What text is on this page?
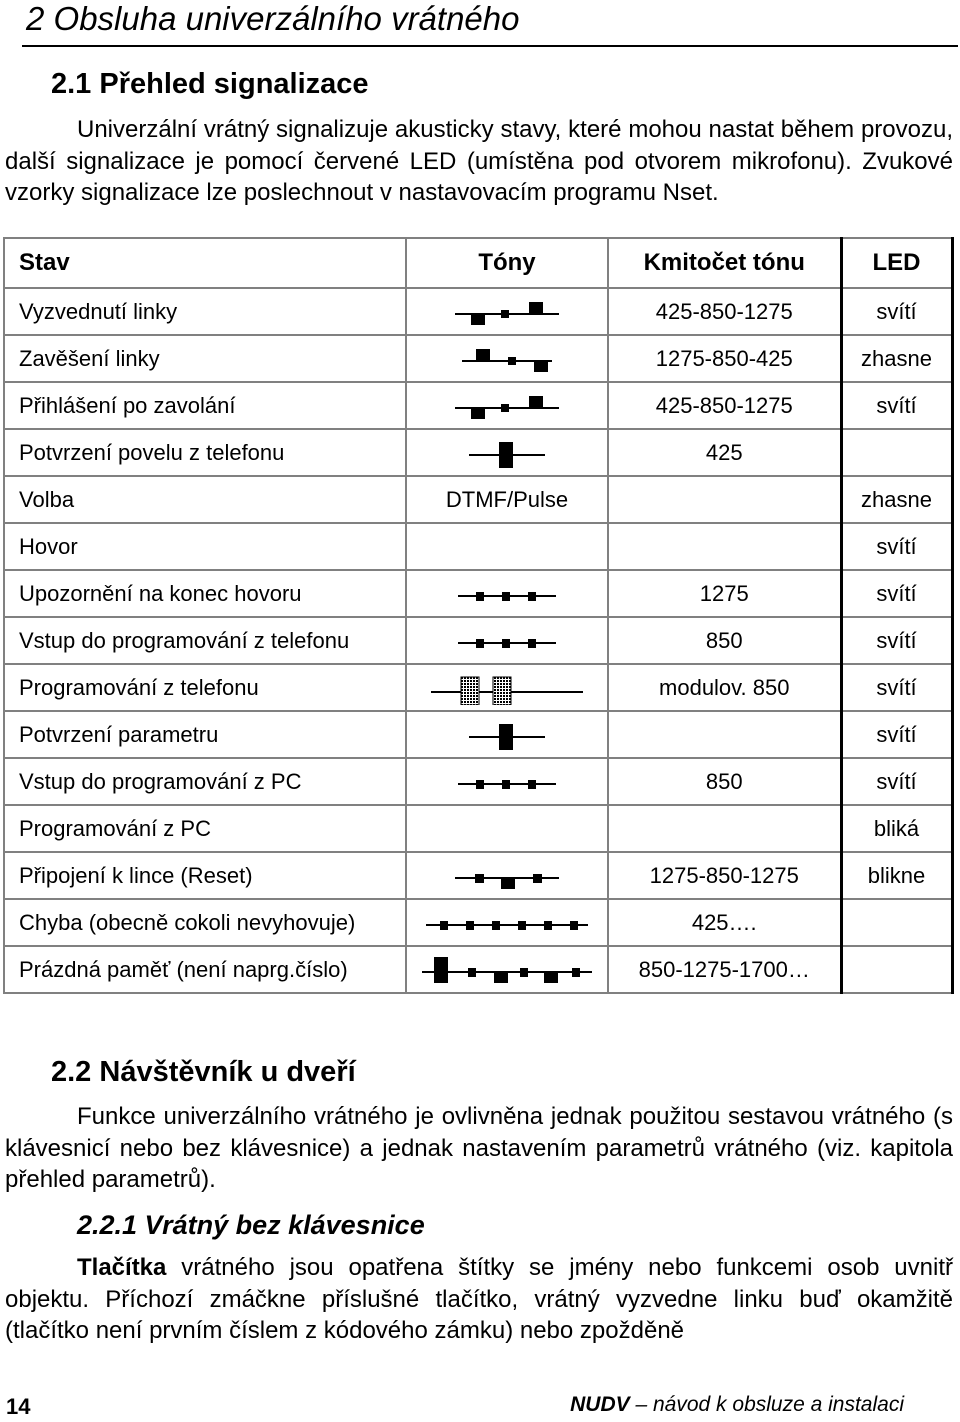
2 Obsluha univerzálního vrátného
2.1 Přehled signalizace
Univerzální vrátný signalizuje akusticky stavy, které mohou nastat během provozu, další signalizace je pomocí červené LED (umístěna pod otvorem mikrofonu). Zvukové vzorky signalizace lze poslechnout v nastavovacím programu Nset.
Stav	Tóny	Kmitočet tónu	LED
Vyzvednutí linky		425-850-1275	svítí
Zavěšení linky		1275-850-425	zhasne
Přihlášení po zavolání		425-850-1275	svítí
Potvrzení povelu z telefonu		425	
Volba	DTMF/Pulse		zhasne
Hovor			svítí
Upozornění na konec hovoru		1275	svítí
Vstup do programování z telefonu		850	svítí
Programování z telefonu		modulov. 850	svítí
Potvrzení parametru			svítí
Vstup do programování z PC		850	svítí
Programování z PC			bliká
Připojení k lince (Reset)		1275-850-1275	blikne
Chyba (obecně cokoli nevyhovuje)		425….	
Prázdná paměť (není naprg.číslo)		850-1275-1700…	
2.2 Návštěvník u dveří
Funkce univerzálního vrátného je ovlivněna jednak použitou sestavou vrátného (s klávesnicí nebo bez klávesnice) a jednak nastavením parametrů vrátného (viz. kapitola přehled parametrů).
2.2.1 Vrátný bez klávesnice
Tlačítka vrátného jsou opatřena štítky se jmény nebo funkcemi osob uvnitř objektu. Příchozí zmáčkne příslušné tlačítko, vrátný vyzvedne linku buď okamžitě (tlačítko není prvním číslem z kódového zámku) nebo zpožděně
14	NUDV – návod k obsluze a instalaci
